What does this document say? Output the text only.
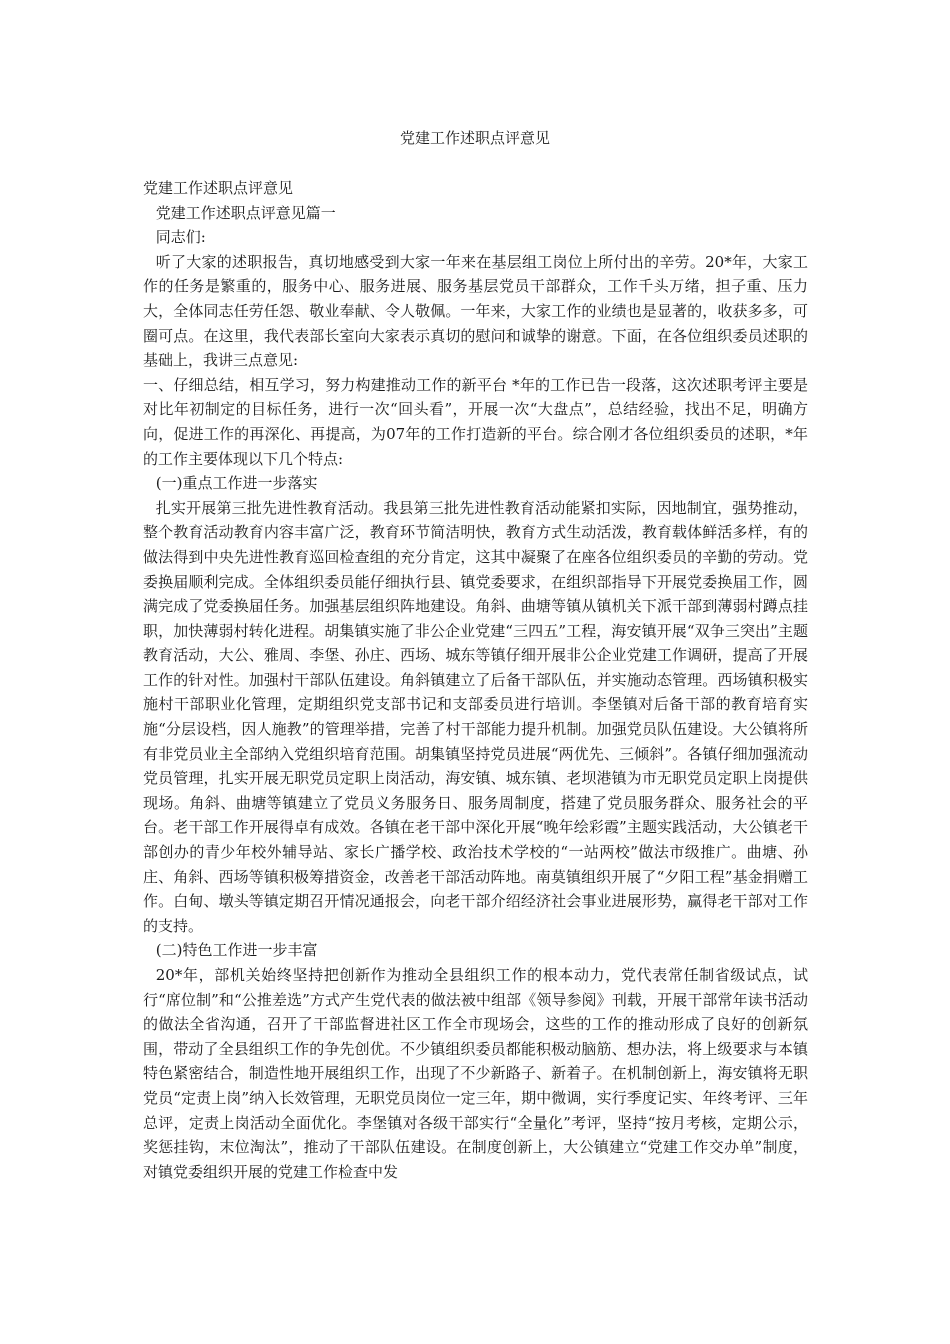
党建工作述职点评意见

党建工作述职点评意见

党建工作述职点评意见篇一

同志们:

听了大家的述职报告，真切地感受到大家一年来在基层组工岗位上所付出的辛劳。20*年，大家工作的任务是繁重的，服务中心、服务进展、服务基层党员干部群众，工作千头万绪，担子重、压力大，全体同志任劳任怨、敬业奉献、令人敬佩。一年来，大家工作的业绩也是显著的，收获多多，可圈可点。在这里，我代表部长室向大家表示真切的慰问和诚挚的谢意。下面，在各位组织委员述职的基础上，我讲三点意见:

一、仔细总结，相互学习，努力构建推动工作的新平台 *年的工作已告一段落，这次述职考评主要是对比年初制定的目标任务，进行一次“回头看”，开展一次“大盘点”，总结经验，找出不足，明确方向，促进工作的再深化、再提高，为07年的工作打造新的平台。综合刚才各位组织委员的述职，*年的工作主要体现以下几个特点:

(一)重点工作进一步落实

扎实开展第三批先进性教育活动。我县第三批先进性教育活动能紧扣实际，因地制宜，强势推动，整个教育活动教育内容丰富广泛，教育环节简洁明快，教育方式生动活泼，教育载体鲜活多样，有的做法得到中央先进性教育巡回检查组的充分肯定，这其中凝聚了在座各位组织委员的辛勤的劳动。党委换届顺利完成。全体组织委员能仔细执行县、镇党委要求，在组织部指导下开展党委换届工作，圆满完成了党委换届任务。加强基层组织阵地建设。角斜、曲塘等镇从镇机关下派干部到薄弱村蹲点挂职，加快薄弱村转化进程。胡集镇实施了非公企业党建“三四五”工程，海安镇开展“双争三突出”主题教育活动，大公、雅周、李堡、孙庄、西场、城东等镇仔细开展非公企业党建工作调研，提高了开展工作的针对性。加强村干部队伍建设。角斜镇建立了后备干部队伍，并实施动态管理。西场镇积极实施村干部职业化管理，定期组织党支部书记和支部委员进行培训。李堡镇对后备干部的教育培育实施“分层设档，因人施教”的管理举措，完善了村干部能力提升机制。加强党员队伍建设。大公镇将所有非党员业主全部纳入党组织培育范围。胡集镇坚持党员进展“两优先、三倾斜”。各镇仔细加强流动党员管理，扎实开展无职党员定职上岗活动，海安镇、城东镇、老坝港镇为市无职党员定职上岗提供现场。角斜、曲塘等镇建立了党员义务服务日、服务周制度，搭建了党员服务群众、服务社会的平台。老干部工作开展得卓有成效。各镇在老干部中深化开展“晚年绘彩霞”主题实践活动，大公镇老干部创办的青少年校外辅导站、家长广播学校、政治技术学校的“一站两校”做法市级推广。曲塘、孙庄、角斜、西场等镇积极筹措资金，改善老干部活动阵地。南莫镇组织开展了“夕阳工程”基金捐赠工作。白甸、墩头等镇定期召开情况通报会，向老干部介绍经济社会事业进展形势，赢得老干部对工作的支持。

(二)特色工作进一步丰富

20*年，部机关始终坚持把创新作为推动全县组织工作的根本动力，党代表常任制省级试点，试行“席位制”和“公推差选”方式产生党代表的做法被中组部《领导参阅》刊载，开展干部常年读书活动的做法全省沟通，召开了干部监督进社区工作全市现场会，这些的工作的推动形成了良好的创新氛围，带动了全县组织工作的争先创优。不少镇组织委员都能积极动脑筋、想办法，将上级要求与本镇特色紧密结合，制造性地开展组织工作，出现了不少新路子、新着子。在机制创新上，海安镇将无职党员“定责上岗”纳入长效管理，无职党员岗位一定三年，期中微调，实行季度记实、年终考评、三年总评，定责上岗活动全面优化。李堡镇对各级干部实行“全量化”考评，坚持“按月考核，定期公示，奖惩挂钩，末位淘汰”，推动了干部队伍建设。在制度创新上，大公镇建立“党建工作交办单”制度，对镇党委组织开展的党建工作检查中发
